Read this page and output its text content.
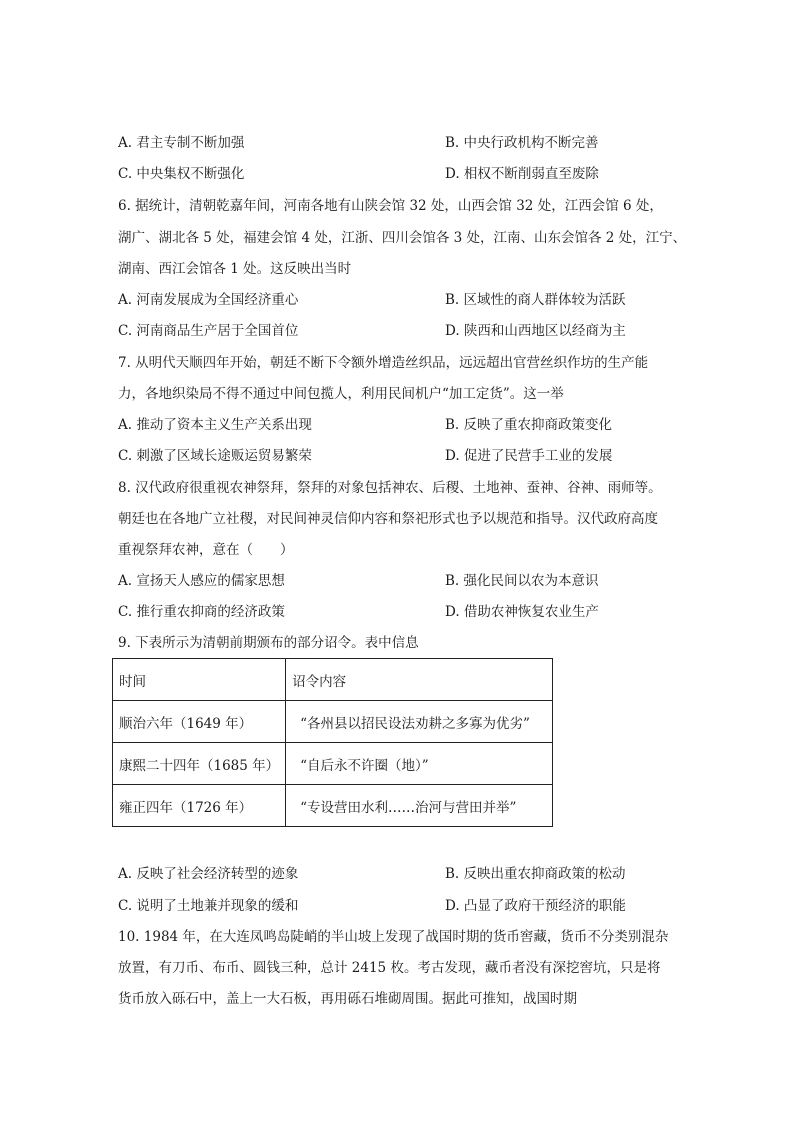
A. 君主专制不断加强	B. 中央行政机构不断完善
C. 中央集权不断强化	D. 相权不断削弱直至废除
6. 据统计，清朝乾嘉年间，河南各地有山陕会馆 32 处，山西会馆 32 处，江西会馆 6 处，
湖广、湖北各 5 处，福建会馆 4 处，江浙、四川会馆各 3 处，江南、山东会馆各 2 处，江宁、
湖南、西江会馆各 1 处。这反映出当时
A. 河南发展成为全国经济重心	B. 区域性的商人群体较为活跃
C. 河南商品生产居于全国首位	D. 陕西和山西地区以经商为主
7. 从明代天顺四年开始，朝廷不断下令额外增造丝织品，远远超出官营丝织作坊的生产能
力，各地织染局不得不通过中间包揽人，利用民间机户“加工定货”。这一举
A. 推动了资本主义生产关系出现	B. 反映了重农抑商政策变化
C. 刺激了区域长途贩运贸易繁荣	D. 促进了民营手工业的发展
8. 汉代政府很重视农神祭拜，祭拜的对象包括神农、后稷、土地神、蚕神、谷神、雨师等。
朝廷也在各地广立社稷，对民间神灵信仰内容和祭祀形式也予以规范和指导。汉代政府高度
重视祭拜农神，意在（　　）
A. 宣扬天人感应的儒家思想	B. 强化民间以农为本意识
C. 推行重农抑商的经济政策	D. 借助农神恢复农业生产
9. 下表所示为清朝前期颁布的部分诏令。表中信息
时间	诏令内容
顺治六年（1649 年）	“各州县以招民设法劝耕之多寡为优劣”
康熙二十四年（1685 年）	“自后永不许圈（地）”
雍正四年（1726 年）	“专设营田水利……治河与营田并举”
A. 反映了社会经济转型的迹象	B. 反映出重农抑商政策的松动
C. 说明了土地兼并现象的缓和	D. 凸显了政府干预经济的职能
10. 1984 年，在大连凤鸣岛陡峭的半山坡上发现了战国时期的货币窖藏，货币不分类别混杂
放置，有刀币、布币、圆钱三种，总计 2415 枚。考古发现，藏币者没有深挖窖坑，只是将
货币放入砾石中，盖上一大石板，再用砾石堆砌周围。据此可推知，战国时期
